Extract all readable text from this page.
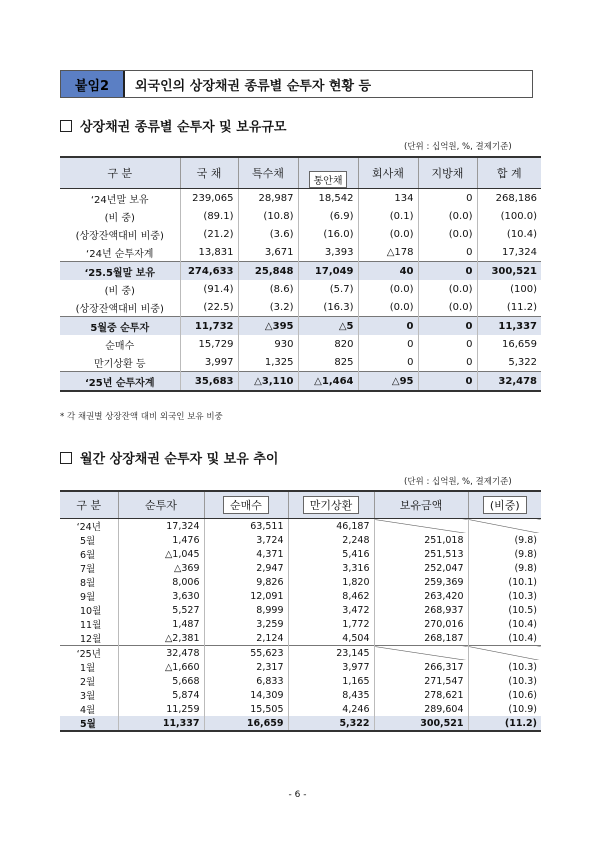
붙임2	외국인의 상장채권 종류별 순투자 현황 등
상장채권 종류별 순투자 및 보유규모
(단위 : 십억원, %, 결제기준)
구 분	국 채	특수채	통안채	회사채	지방채	합 계
‘24년말 보유	239,065	28,987	18,542	134	0	268,186
(비 중)	(89.1)	(10.8)	(6.9)	(0.1)	(0.0)	(100.0)
(상장잔액대비 비중)	(21.2)	(3.6)	(16.0)	(0.0)	(0.0)	(10.4)
‘24년 순투자계	13,831	3,671	3,393	△178	0	17,324
‘25.5월말 보유	274,633	25,848	17,049	40	0	300,521
(비 중)	(91.4)	(8.6)	(5.7)	(0.0)	(0.0)	(100)
(상장잔액대비 비중)	(22.5)	(3.2)	(16.3)	(0.0)	(0.0)	(11.2)
5월중 순투자	11,732	△395	△5	0	0	11,337
순매수	15,729	930	820	0	0	16,659
만기상환 등	3,997	1,325	825	0	0	5,322
‘25년 순투자계	35,683	△3,110	△1,464	△95	0	32,478
* 각 채권별 상장잔액 대비 외국인 보유 비중
월간 상장채권 순투자 및 보유 추이
(단위 : 십억원, %, 결제기준)
구 분	순투자	순매수	만기상환	보유금액	(비중)
‘24년	17,324	63,511	46,187		
5월	1,476	3,724	2,248	251,018	(9.8)
6월	△1,045	4,371	5,416	251,513	(9.8)
7월	△369	2,947	3,316	252,047	(9.8)
8월	8,006	9,826	1,820	259,369	(10.1)
9월	3,630	12,091	8,462	263,420	(10.3)
10월	5,527	8,999	3,472	268,937	(10.5)
11월	1,487	3,259	1,772	270,016	(10.4)
12월	△2,381	2,124	4,504	268,187	(10.4)
‘25년	32,478	55,623	23,145		
1월	△1,660	2,317	3,977	266,317	(10.3)
2월	5,668	6,833	1,165	271,547	(10.3)
3월	5,874	14,309	8,435	278,621	(10.6)
4월	11,259	15,505	4,246	289,604	(10.9)
5월	11,337	16,659	5,322	300,521	(11.2)
- 6 -
